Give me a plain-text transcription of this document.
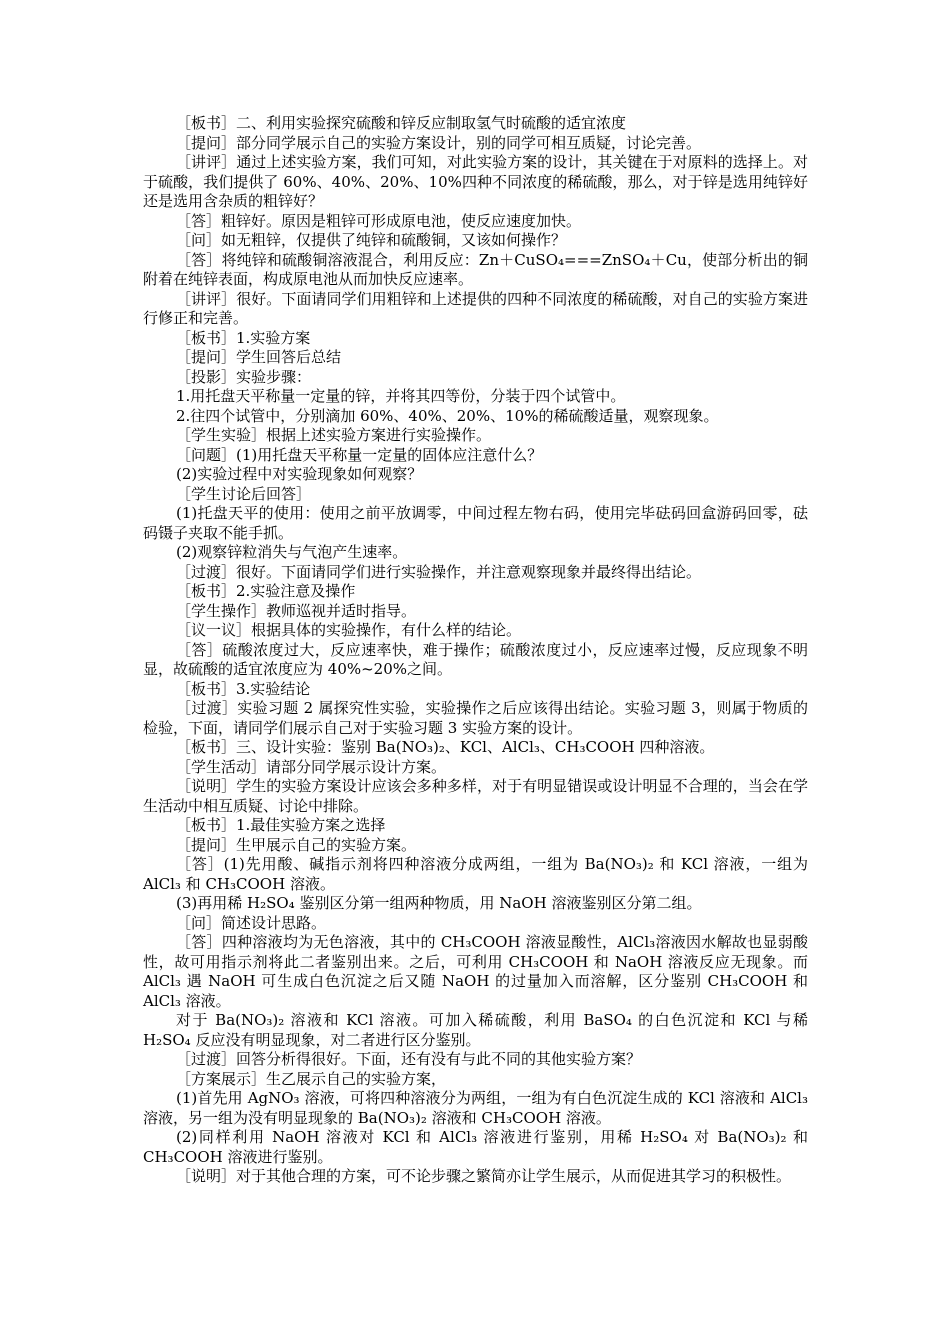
［板书］二、利用实验探究硫酸和锌反应制取氢气时硫酸的适宜浓度

［提问］部分同学展示自己的实验方案设计，别的同学可相互质疑，讨论完善。

［讲评］通过上述实验方案，我们可知，对此实验方案的设计，其关键在于对原料的选择上。对于硫酸，我们提供了 60%、40%、20%、10%四种不同浓度的稀硫酸，那么，对于锌是选用纯锌好还是选用含杂质的粗锌好？

［答］粗锌好。原因是粗锌可形成原电池，使反应速度加快。

［问］如无粗锌，仅提供了纯锌和硫酸铜，又该如何操作？

［答］将纯锌和硫酸铜溶液混合，利用反应：Zn＋CuSO₄===ZnSO₄＋Cu，使部分析出的铜附着在纯锌表面，构成原电池从而加快反应速率。

［讲评］很好。下面请同学们用粗锌和上述提供的四种不同浓度的稀硫酸，对自己的实验方案进行修正和完善。

［板书］1.实验方案

［提问］学生回答后总结

［投影］实验步骤：

1.用托盘天平称量一定量的锌，并将其四等份，分装于四个试管中。

2.往四个试管中，分别滴加 60%、40%、20%、10%的稀硫酸适量，观察现象。

［学生实验］根据上述实验方案进行实验操作。

［问题］(1)用托盘天平称量一定量的固体应注意什么？

(2)实验过程中对实验现象如何观察？

［学生讨论后回答］

(1)托盘天平的使用：使用之前平放调零，中间过程左物右码，使用完毕砝码回盒游码回零，砝码镊子夹取不能手抓。

(2)观察锌粒消失与气泡产生速率。

［过渡］很好。下面请同学们进行实验操作，并注意观察现象并最终得出结论。

［板书］2.实验注意及操作

［学生操作］教师巡视并适时指导。

［议一议］根据具体的实验操作，有什么样的结论。

［答］硫酸浓度过大，反应速率快，难于操作；硫酸浓度过小，反应速率过慢，反应现象不明显，故硫酸的适宜浓度应为 40%~20%之间。

［板书］3.实验结论

［过渡］实验习题 2 属探究性实验，实验操作之后应该得出结论。实验习题 3，则属于物质的检验，下面，请同学们展示自己对于实验习题 3 实验方案的设计。

［板书］三、设计实验：鉴别 Ba(NO₃)₂、KCl、AlCl₃、CH₃COOH 四种溶液。

［学生活动］请部分同学展示设计方案。

［说明］学生的实验方案设计应该会多种多样，对于有明显错误或设计明显不合理的，当会在学生活动中相互质疑、讨论中排除。

［板书］1.最佳实验方案之选择

［提问］生甲展示自己的实验方案。

［答］(1)先用酸、碱指示剂将四种溶液分成两组，一组为 Ba(NO₃)₂ 和 KCl 溶液，一组为 AlCl₃ 和 CH₃COOH 溶液。

(3)再用稀 H₂SO₄ 鉴别区分第一组两种物质，用 NaOH 溶液鉴别区分第二组。

［问］简述设计思路。

［答］四种溶液均为无色溶液，其中的 CH₃COOH 溶液显酸性，AlCl₃溶液因水解故也显弱酸性，故可用指示剂将此二者鉴别出来。之后，可利用 CH₃COOH 和 NaOH 溶液反应无现象。而 AlCl₃ 遇 NaOH 可生成白色沉淀之后又随 NaOH 的过量加入而溶解，区分鉴别 CH₃COOH 和 AlCl₃ 溶液。

对于 Ba(NO₃)₂ 溶液和 KCl 溶液。可加入稀硫酸，利用 BaSO₄ 的白色沉淀和 KCl 与稀 H₂SO₄ 反应没有明显现象，对二者进行区分鉴别。

［过渡］回答分析得很好。下面，还有没有与此不同的其他实验方案？

［方案展示］生乙展示自己的实验方案，

(1)首先用 AgNO₃ 溶液，可将四种溶液分为两组，一组为有白色沉淀生成的 KCl 溶液和 AlCl₃溶液，另一组为没有明显现象的 Ba(NO₃)₂ 溶液和 CH₃COOH 溶液。

(2)同样利用 NaOH 溶液对 KCl 和 AlCl₃ 溶液进行鉴别，用稀 H₂SO₄ 对 Ba(NO₃)₂ 和 CH₃COOH 溶液进行鉴别。

［说明］对于其他合理的方案，可不论步骤之繁简亦让学生展示，从而促进其学习的积极性。
